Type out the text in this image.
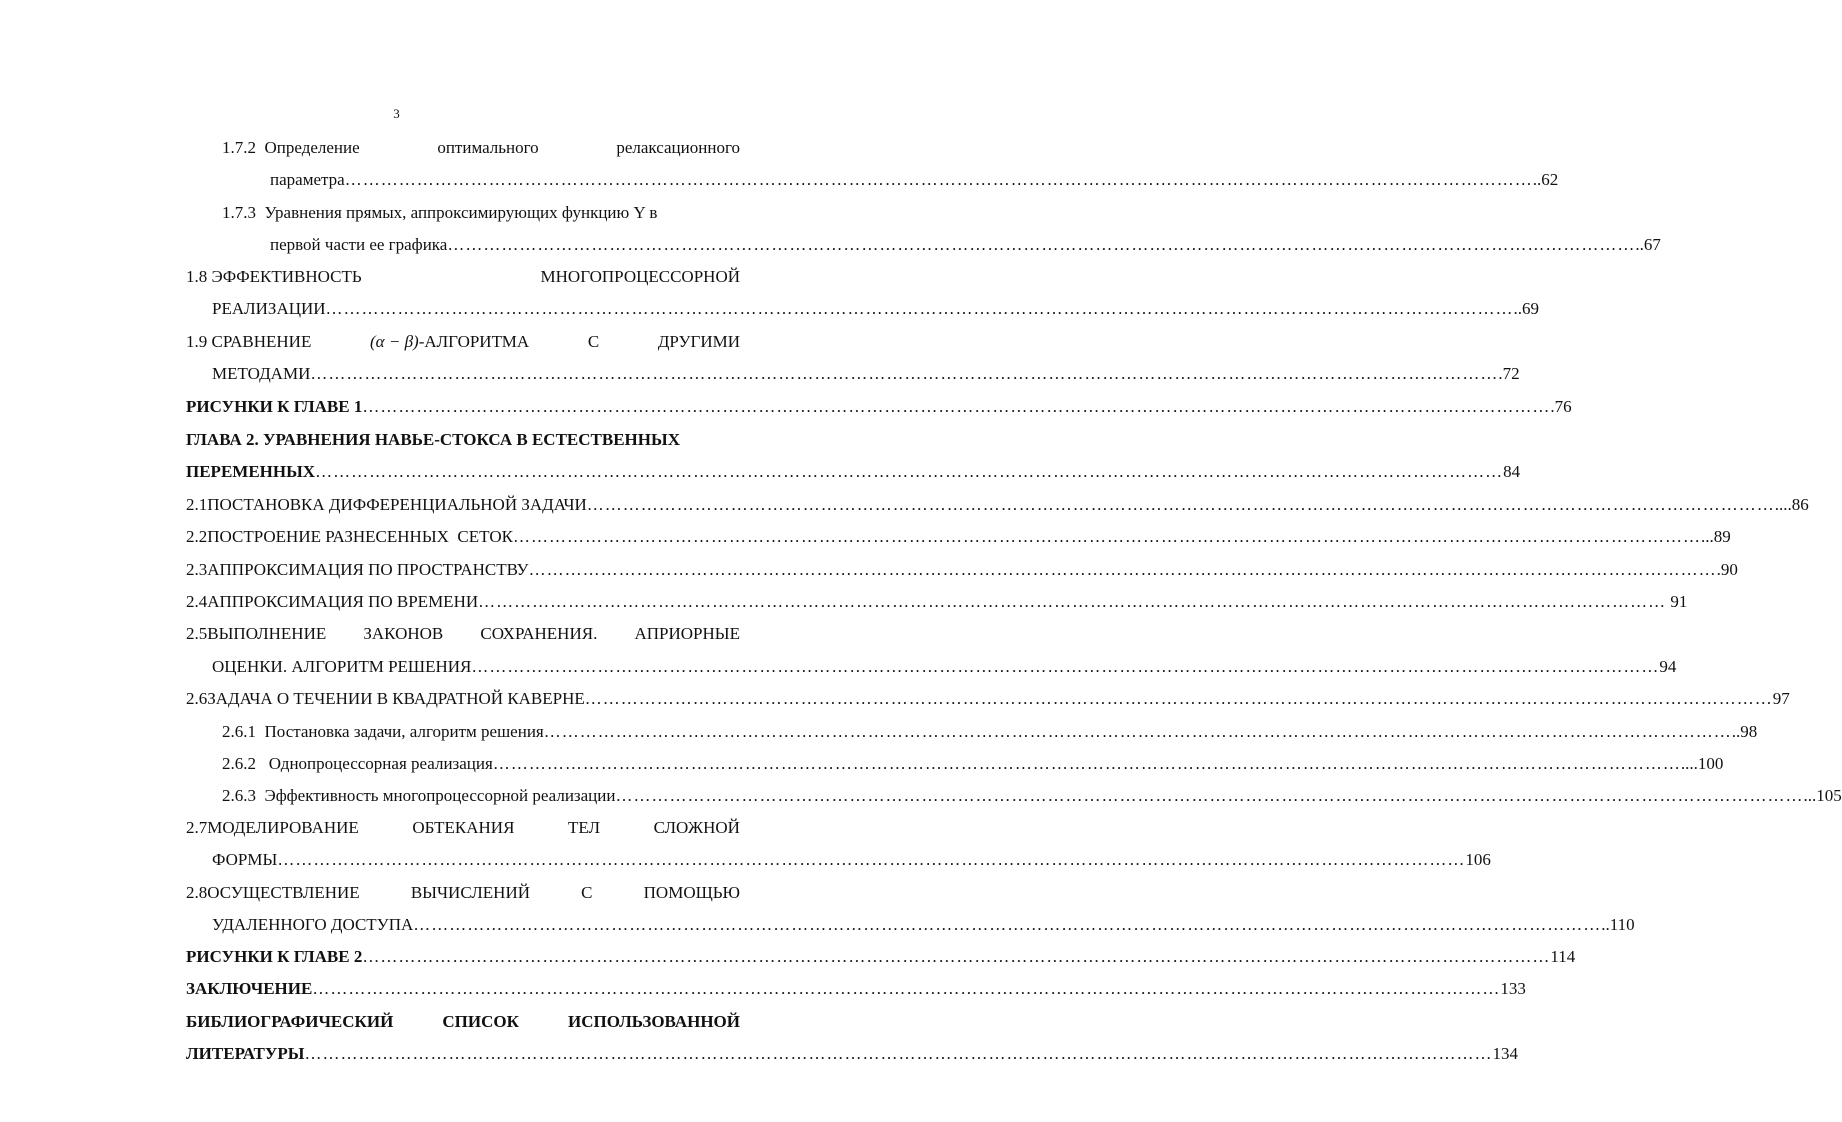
3
1.7.2 Определение	оптимального	релаксационного
параметра ……………………………………………………………………………………………………………………………………………………………………………… ..62
1.7.3 Уравнения прямых, аппроксимирующих функцию Y в
первой части ее графика ……………………………………………………………………………………………………………………………………………………………………………… ..67
1.8 ЭФФЕКТИВНОСТЬ	МНОГОПРОЦЕССОРНОЙ
РЕАЛИЗАЦИИ ……………………………………………………………………………………………………………………………………………………………………………… ..69
1.9 СРАВНЕНИЕ	(α − β)-АЛГОРИТМА	С	ДРУГИМИ
МЕТОДАМИ ……………………………………………………………………………………………………………………………………………………………………………… .72
РИСУНКИ К ГЛАВЕ 1 ……………………………………………………………………………………………………………………………………………………………………………… .76
ГЛАВА 2. УРАВНЕНИЯ НАВЬЕ-СТОКСА В ЕСТЕСТВЕННЫХ
ПЕРЕМЕННЫХ ……………………………………………………………………………………………………………………………………………………………………………… 84
2.1ПОСТАНОВКА ДИФФЕРЕНЦИАЛЬНОЙ ЗАДАЧИ ……………………………………………………………………………………………………………………………………………………………………………… ....86
2.2ПОСТРОЕНИЕ РАЗНЕСЕННЫХ  СЕТОК ……………………………………………………………………………………………………………………………………………………………………………… ...89
2.3АППРОКСИМАЦИЯ ПО ПРОСТРАНСТВУ ……………………………………………………………………………………………………………………………………………………………………………… .90
2.4АППРОКСИМАЦИЯ ПО ВРЕМЕНИ ……………………………………………………………………………………………………………………………………………………………………………… 91
2.5ВЫПОЛНЕНИЕ ЗАКОНОВ СОХРАНЕНИЯ. АПРИОРНЫЕ
ОЦЕНКИ. АЛГОРИТМ РЕШЕНИЯ ……………………………………………………………………………………………………………………………………………………………………………… 94
2.6ЗАДАЧА О ТЕЧЕНИИ В КВАДРАТНОЙ КАВЕРНЕ ……………………………………………………………………………………………………………………………………………………………………………… 97
2.6.1  Постановка задачи, алгоритм решения ……………………………………………………………………………………………………………………………………………………………………………… ..98
2.6.2   Однопроцессорная реализация ……………………………………………………………………………………………………………………………………………………………………………… ....100
2.6.3  Эффективность многопроцессорной реализации ……………………………………………………………………………………………………………………………………………………………………………… ...105
2.7МОДЕЛИРОВАНИЕ	ОБТЕКАНИЯ	ТЕЛ	СЛОЖНОЙ
ФОРМЫ ……………………………………………………………………………………………………………………………………………………………………………… 106
2.8ОСУЩЕСТВЛЕНИЕ	ВЫЧИСЛЕНИЙ	С	ПОМОЩЬЮ
УДАЛЕННОГО ДОСТУПА ……………………………………………………………………………………………………………………………………………………………………………… ..110
РИСУНКИ К ГЛАВЕ 2 ……………………………………………………………………………………………………………………………………………………………………………… 114
ЗАКЛЮЧЕНИЕ ……………………………………………………………………………………………………………………………………………………………………………… 133
БИБЛИОГРАФИЧЕСКИЙ	СПИСОК	ИСПОЛЬЗОВАННОЙ
ЛИТЕРАТУРЫ ……………………………………………………………………………………………………………………………………………………………………………… 134
